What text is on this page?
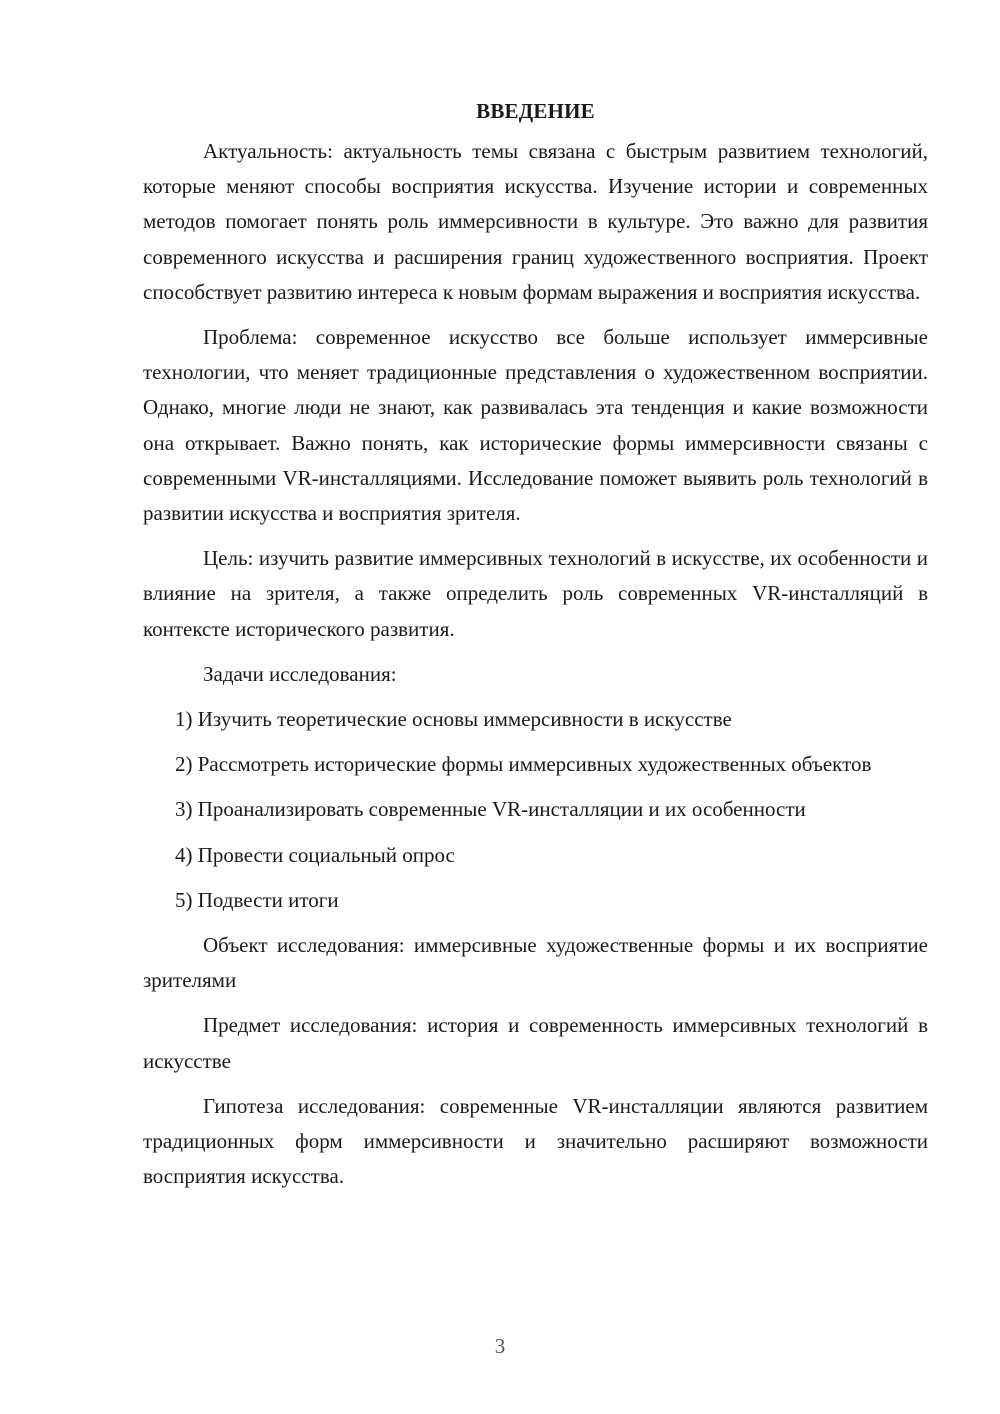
ВВЕДЕНИЕ

Актуальность: актуальность темы связана с быстрым развитием технологий, которые меняют способы восприятия искусства. Изучение истории и современных методов помогает понять роль иммерсивности в культуре. Это важно для развития современного искусства и расширения границ художественного восприятия. Проект способствует развитию интереса к новым формам выражения и восприятия искусства.

Проблема: современное искусство все больше использует иммерсивные технологии, что меняет традиционные представления о художественном восприятии. Однако, многие люди не знают, как развивалась эта тенденция и какие возможности она открывает. Важно понять, как исторические формы иммерсивности связаны с современными VR-инсталляциями. Исследование поможет выявить роль технологий в развитии искусства и восприятия зрителя.

Цель: изучить развитие иммерсивных технологий в искусстве, их особенности и влияние на зрителя, а также определить роль современных VR-инсталляций в контексте исторического развития.

Задачи исследования:

1) Изучить теоретические основы иммерсивности в искусстве

2) Рассмотреть исторические формы иммерсивных художественных объектов

3) Проанализировать современные VR-инсталляции и их особенности

4) Провести социальный опрос

5) Подвести итоги

Объект исследования: иммерсивные художественные формы и их восприятие зрителями

Предмет исследования: история и современность иммерсивных технологий в искусстве

Гипотеза исследования: современные VR-инсталляции являются развитием традиционных форм иммерсивности и значительно расширяют возможности восприятия искусства.

3
